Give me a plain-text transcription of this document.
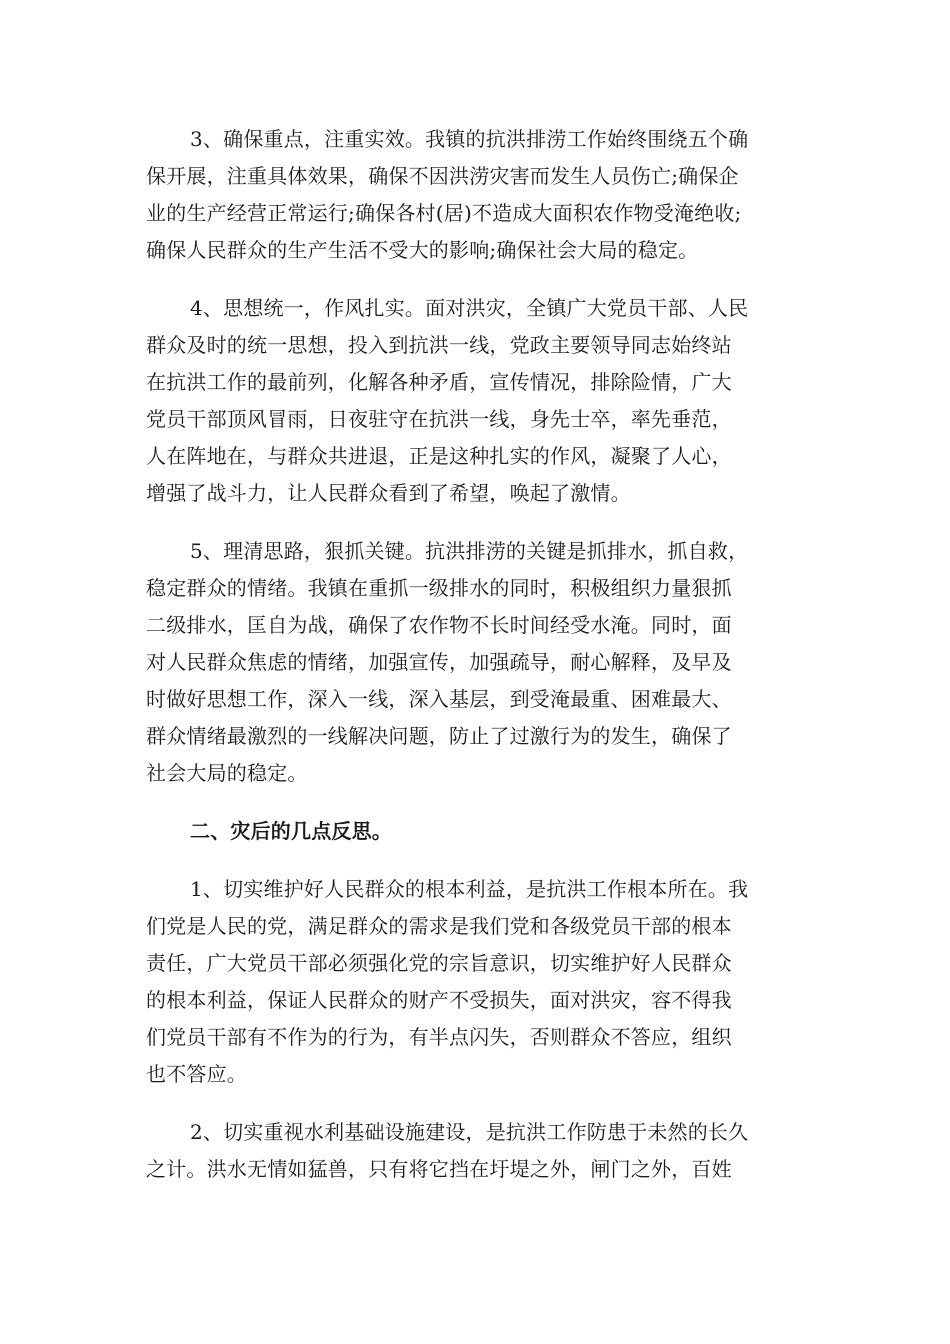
3、确保重点，注重实效。我镇的抗洪排涝工作始终围绕五个确
保开展，注重具体效果，确保不因洪涝灾害而发生人员伤亡;确保企
业的生产经营正常运行;确保各村(居)不造成大面积农作物受淹绝收;
确保人民群众的生产生活不受大的影响;确保社会大局的稳定。
4、思想统一，作风扎实。面对洪灾，全镇广大党员干部、人民
群众及时的统一思想，投入到抗洪一线，党政主要领导同志始终站
在抗洪工作的最前列，化解各种矛盾，宣传情况，排除险情，广大
党员干部顶风冒雨，日夜驻守在抗洪一线，身先士卒，率先垂范，
人在阵地在，与群众共进退，正是这种扎实的作风，凝聚了人心，
增强了战斗力，让人民群众看到了希望，唤起了激情。
5、理清思路，狠抓关键。抗洪排涝的关键是抓排水，抓自救，
稳定群众的情绪。我镇在重抓一级排水的同时，积极组织力量狠抓
二级排水，匡自为战，确保了农作物不长时间经受水淹。同时，面
对人民群众焦虑的情绪，加强宣传，加强疏导，耐心解释，及早及
时做好思想工作，深入一线，深入基层，到受淹最重、困难最大、
群众情绪最激烈的一线解决问题，防止了过激行为的发生，确保了
社会大局的稳定。
二、灾后的几点反思。
1、切实维护好人民群众的根本利益，是抗洪工作根本所在。我
们党是人民的党，满足群众的需求是我们党和各级党员干部的根本
责任，广大党员干部必须强化党的宗旨意识，切实维护好人民群众
的根本利益，保证人民群众的财产不受损失，面对洪灾，容不得我
们党员干部有不作为的行为，有半点闪失，否则群众不答应，组织
也不答应。
2、切实重视水利基础设施建设，是抗洪工作防患于未然的长久
之计。洪水无情如猛兽，只有将它挡在圩堤之外，闸门之外，百姓
